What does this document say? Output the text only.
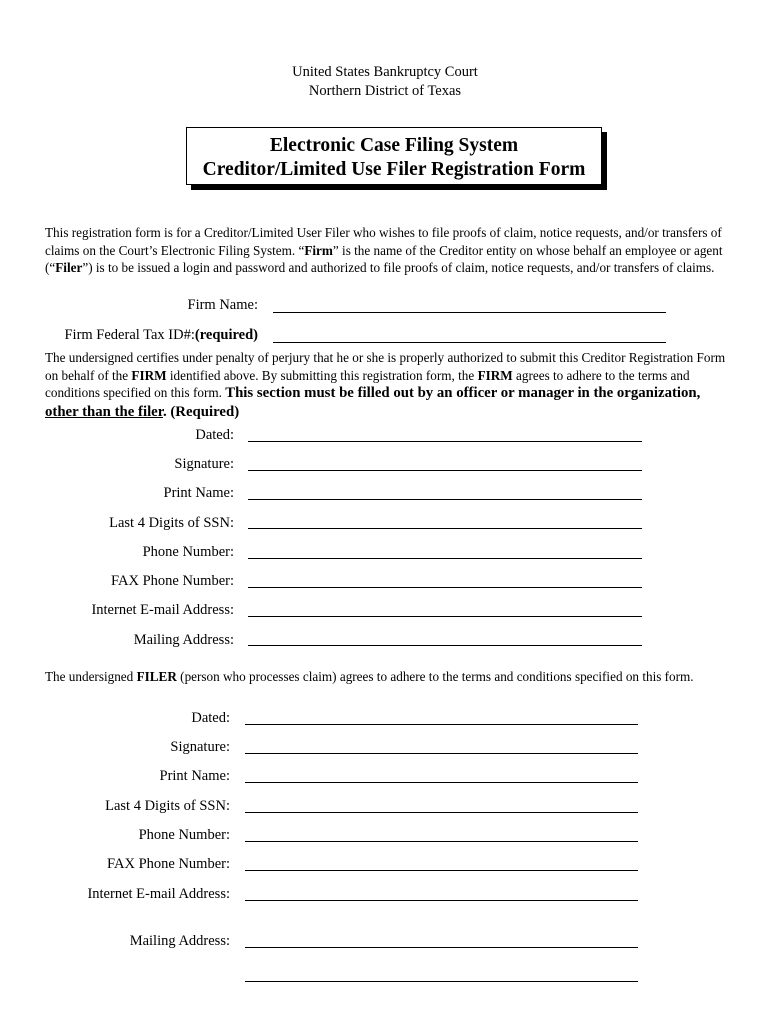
United States Bankruptcy Court
Northern District of Texas
Electronic Case Filing System
Creditor/Limited Use Filer Registration Form
This registration form is for a Creditor/Limited User Filer who wishes to file proofs of claim, notice requests, and/or transfers of claims on the Court’s Electronic Filing System. “Firm” is the name of the Creditor entity on whose behalf an employee or agent (“Filer”) is to be issued a login and password and authorized to file proofs of claim, notice requests, and/or transfers of claims.
Firm Name:
Firm Federal Tax ID#:(required)
The undersigned certifies under penalty of perjury that he or she is properly authorized to submit this Creditor Registration Form on behalf of the FIRM identified above. By submitting this registration form, the FIRM agrees to adhere to the terms and conditions specified on this form. This section must be filled out by an officer or manager in the organization, other than the filer. (Required)
Dated:
Signature:
Print Name:
Last 4 Digits of SSN:
Phone Number:
FAX Phone Number:
Internet E-mail Address:
Mailing Address:
The undersigned FILER (person who processes claim) agrees to adhere to the terms and conditions specified on this form.
Dated:
Signature:
Print Name:
Last 4 Digits of SSN:
Phone Number:
FAX Phone Number:
Internet E-mail Address:
Mailing Address:
